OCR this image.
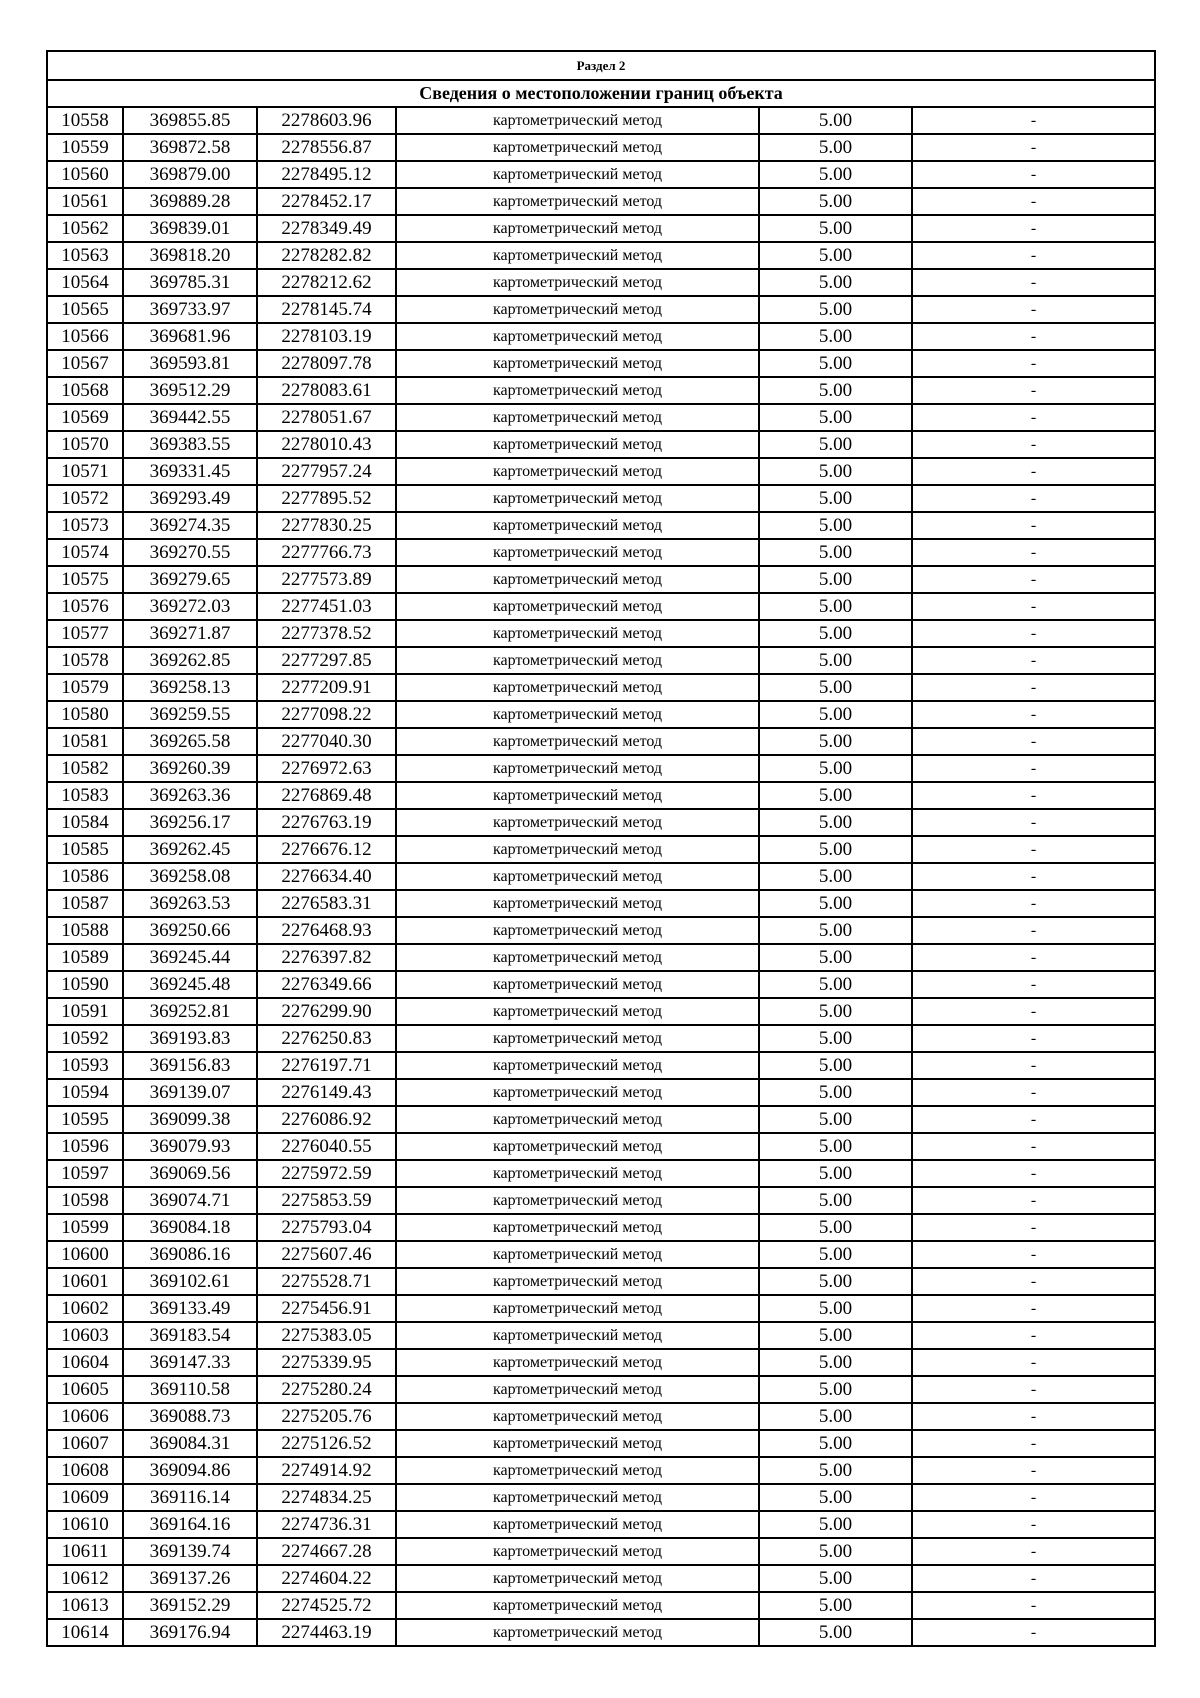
Раздел 2					
Сведения о местоположении границ объекта					
10558	369855.85	2278603.96	картометрический метод	5.00	-
10559	369872.58	2278556.87	картометрический метод	5.00	-
10560	369879.00	2278495.12	картометрический метод	5.00	-
10561	369889.28	2278452.17	картометрический метод	5.00	-
10562	369839.01	2278349.49	картометрический метод	5.00	-
10563	369818.20	2278282.82	картометрический метод	5.00	-
10564	369785.31	2278212.62	картометрический метод	5.00	-
10565	369733.97	2278145.74	картометрический метод	5.00	-
10566	369681.96	2278103.19	картометрический метод	5.00	-
10567	369593.81	2278097.78	картометрический метод	5.00	-
10568	369512.29	2278083.61	картометрический метод	5.00	-
10569	369442.55	2278051.67	картометрический метод	5.00	-
10570	369383.55	2278010.43	картометрический метод	5.00	-
10571	369331.45	2277957.24	картометрический метод	5.00	-
10572	369293.49	2277895.52	картометрический метод	5.00	-
10573	369274.35	2277830.25	картометрический метод	5.00	-
10574	369270.55	2277766.73	картометрический метод	5.00	-
10575	369279.65	2277573.89	картометрический метод	5.00	-
10576	369272.03	2277451.03	картометрический метод	5.00	-
10577	369271.87	2277378.52	картометрический метод	5.00	-
10578	369262.85	2277297.85	картометрический метод	5.00	-
10579	369258.13	2277209.91	картометрический метод	5.00	-
10580	369259.55	2277098.22	картометрический метод	5.00	-
10581	369265.58	2277040.30	картометрический метод	5.00	-
10582	369260.39	2276972.63	картометрический метод	5.00	-
10583	369263.36	2276869.48	картометрический метод	5.00	-
10584	369256.17	2276763.19	картометрический метод	5.00	-
10585	369262.45	2276676.12	картометрический метод	5.00	-
10586	369258.08	2276634.40	картометрический метод	5.00	-
10587	369263.53	2276583.31	картометрический метод	5.00	-
10588	369250.66	2276468.93	картометрический метод	5.00	-
10589	369245.44	2276397.82	картометрический метод	5.00	-
10590	369245.48	2276349.66	картометрический метод	5.00	-
10591	369252.81	2276299.90	картометрический метод	5.00	-
10592	369193.83	2276250.83	картометрический метод	5.00	-
10593	369156.83	2276197.71	картометрический метод	5.00	-
10594	369139.07	2276149.43	картометрический метод	5.00	-
10595	369099.38	2276086.92	картометрический метод	5.00	-
10596	369079.93	2276040.55	картометрический метод	5.00	-
10597	369069.56	2275972.59	картометрический метод	5.00	-
10598	369074.71	2275853.59	картометрический метод	5.00	-
10599	369084.18	2275793.04	картометрический метод	5.00	-
10600	369086.16	2275607.46	картометрический метод	5.00	-
10601	369102.61	2275528.71	картометрический метод	5.00	-
10602	369133.49	2275456.91	картометрический метод	5.00	-
10603	369183.54	2275383.05	картометрический метод	5.00	-
10604	369147.33	2275339.95	картометрический метод	5.00	-
10605	369110.58	2275280.24	картометрический метод	5.00	-
10606	369088.73	2275205.76	картометрический метод	5.00	-
10607	369084.31	2275126.52	картометрический метод	5.00	-
10608	369094.86	2274914.92	картометрический метод	5.00	-
10609	369116.14	2274834.25	картометрический метод	5.00	-
10610	369164.16	2274736.31	картометрический метод	5.00	-
10611	369139.74	2274667.28	картометрический метод	5.00	-
10612	369137.26	2274604.22	картометрический метод	5.00	-
10613	369152.29	2274525.72	картометрический метод	5.00	-
10614	369176.94	2274463.19	картометрический метод	5.00	-
